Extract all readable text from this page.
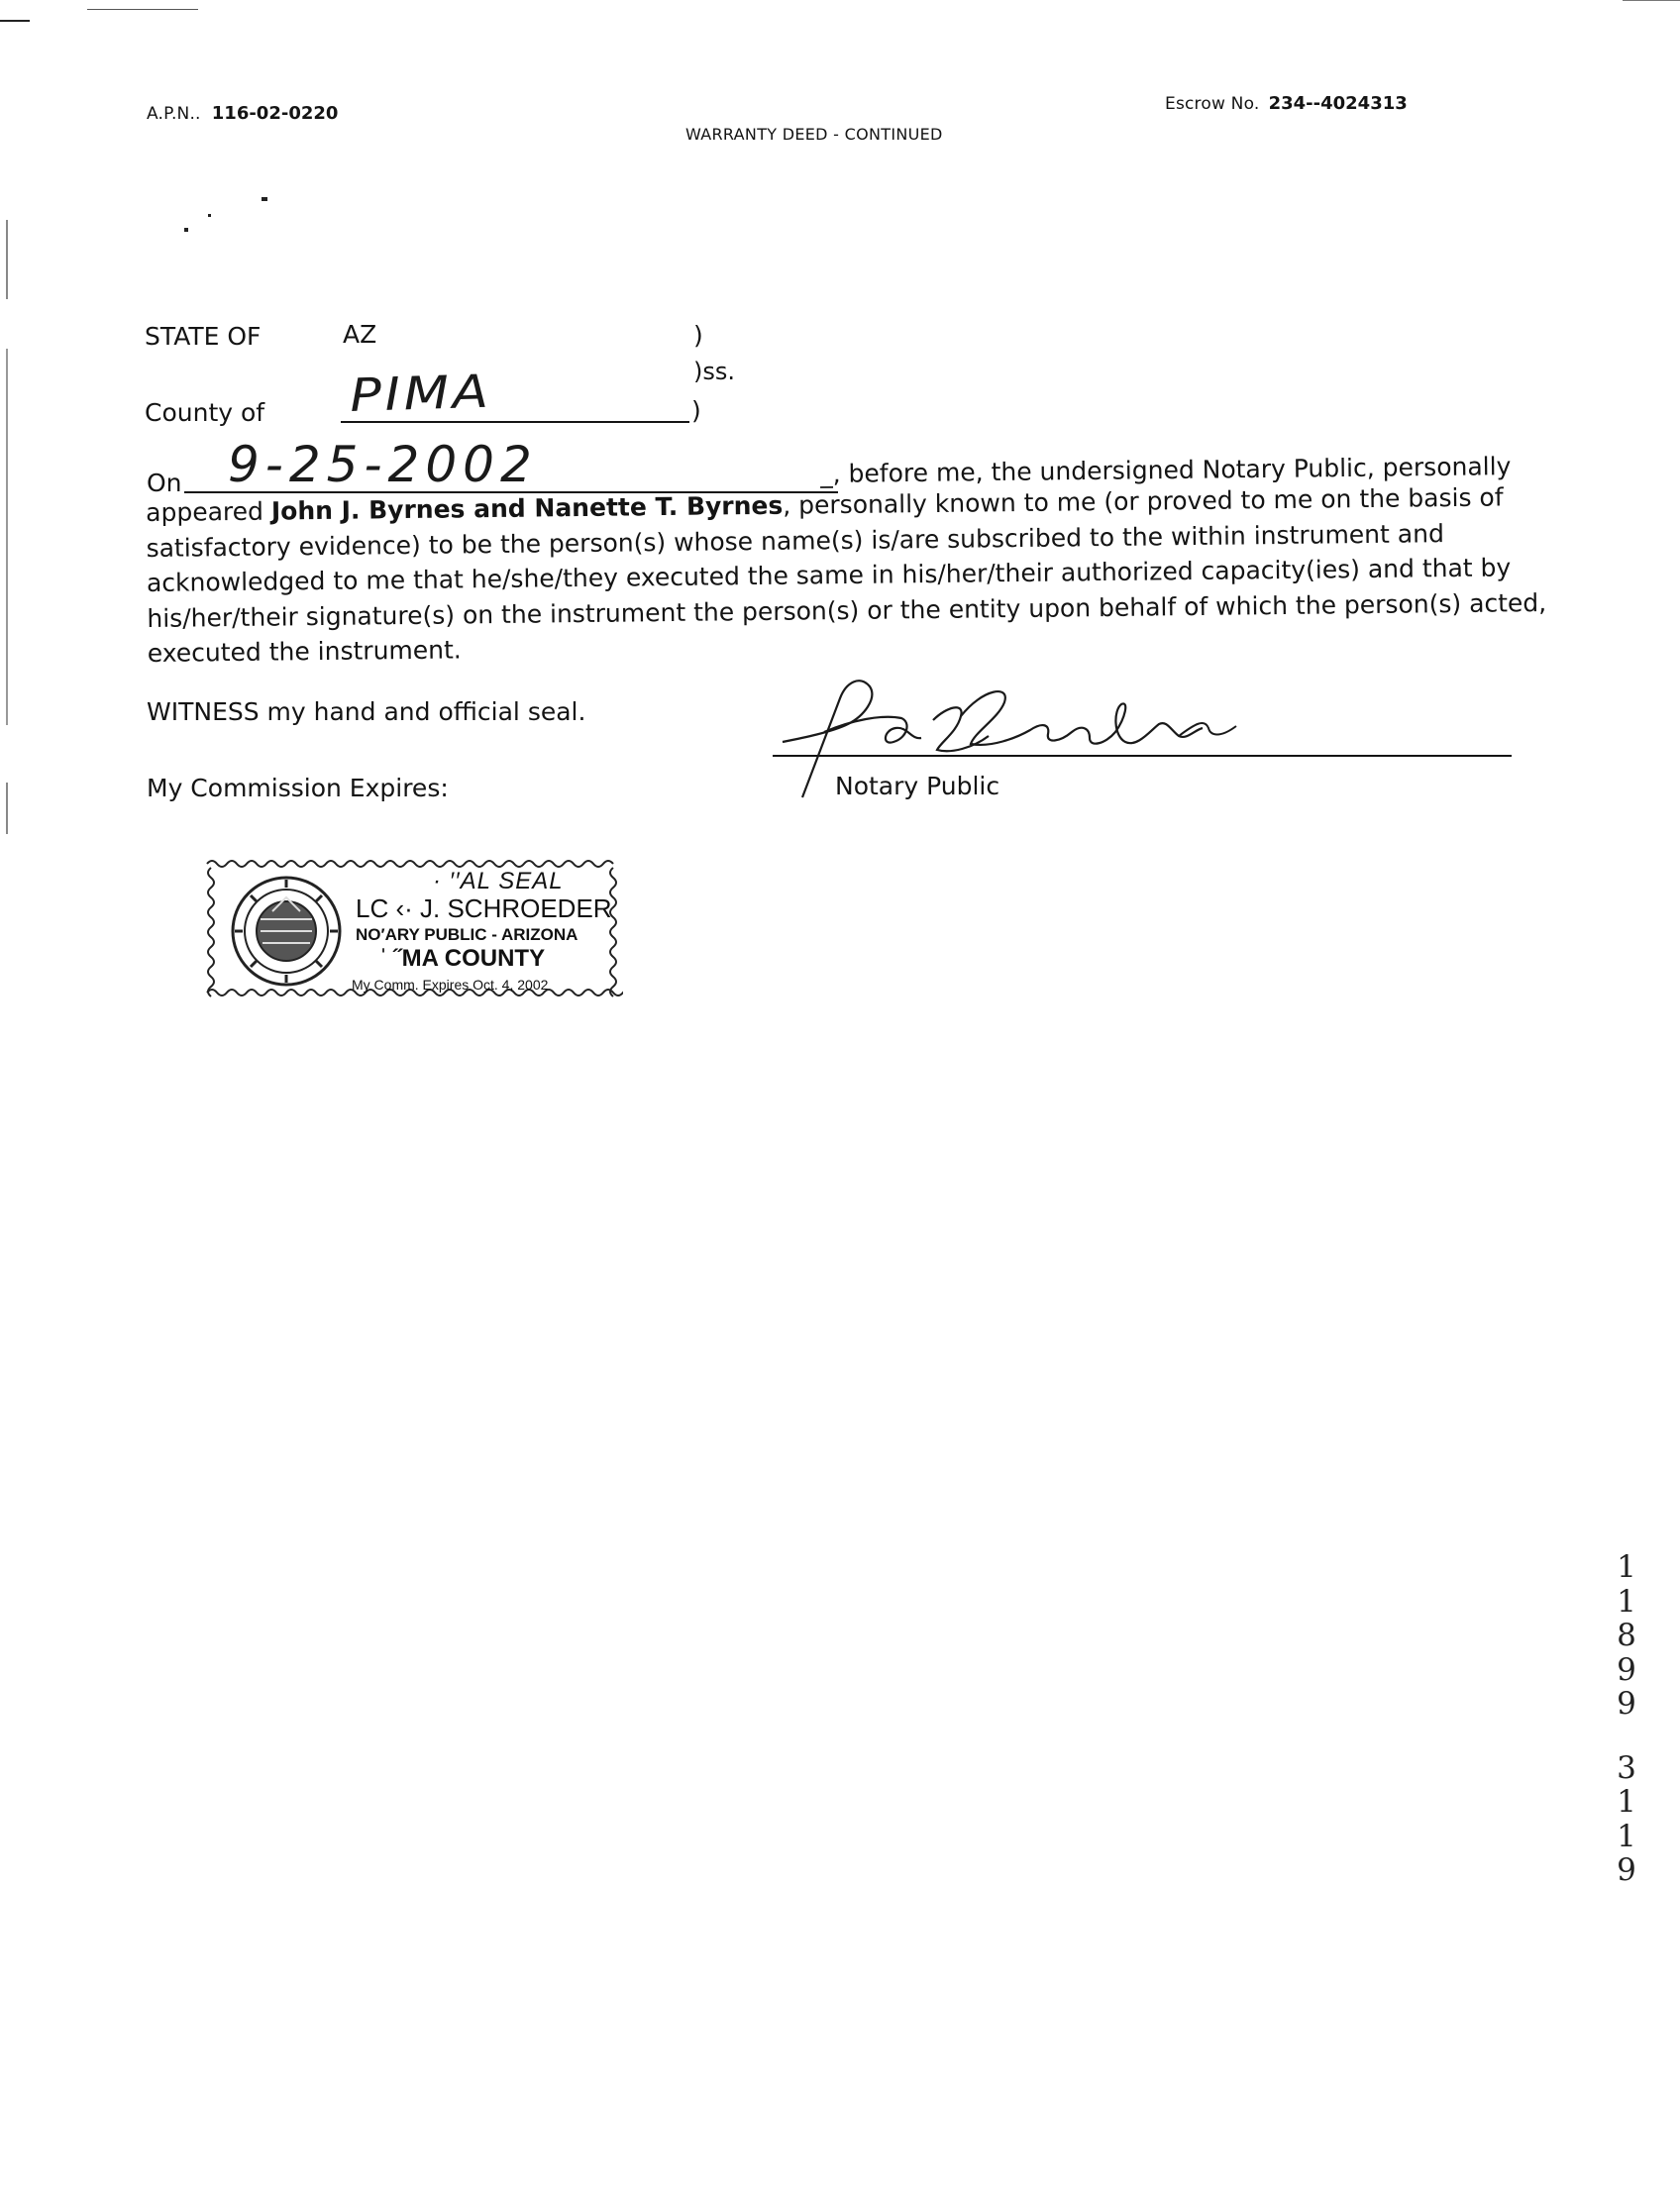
A.P.N.. 116-02-0220	Escrow No. 234--4024313
WARRANTY DEED - CONTINUED
STATE OF	AZ	)
)ss.
County of	)
PIMA
On 9-25-2002	_, before me, the undersigned Notary Public, personally
appeared John J. Byrnes and Nanette T. Byrnes, personally known to me (or proved to me on the basis of
satisfactory evidence) to be the person(s) whose name(s) is/are subscribed to the within instrument and
acknowledged to me that he/she/they executed the same in his/her/their authorized capacity(ies) and that by
his/her/their signature(s) on the instrument the person(s) or the entity upon behalf of which the person(s) acted,
executed the instrument.
WITNESS my hand and official seal.
My Commission Expires:	Notary Public
· ′′AL SEAL
LC ‹· J. SCHROEDER
NO′ARY PUBLIC - ARIZONA
ˈ ˝MA COUNTY
My Comm. Expires Oct. 4, 2002
1
1
8
9
9
3
1
1
9
